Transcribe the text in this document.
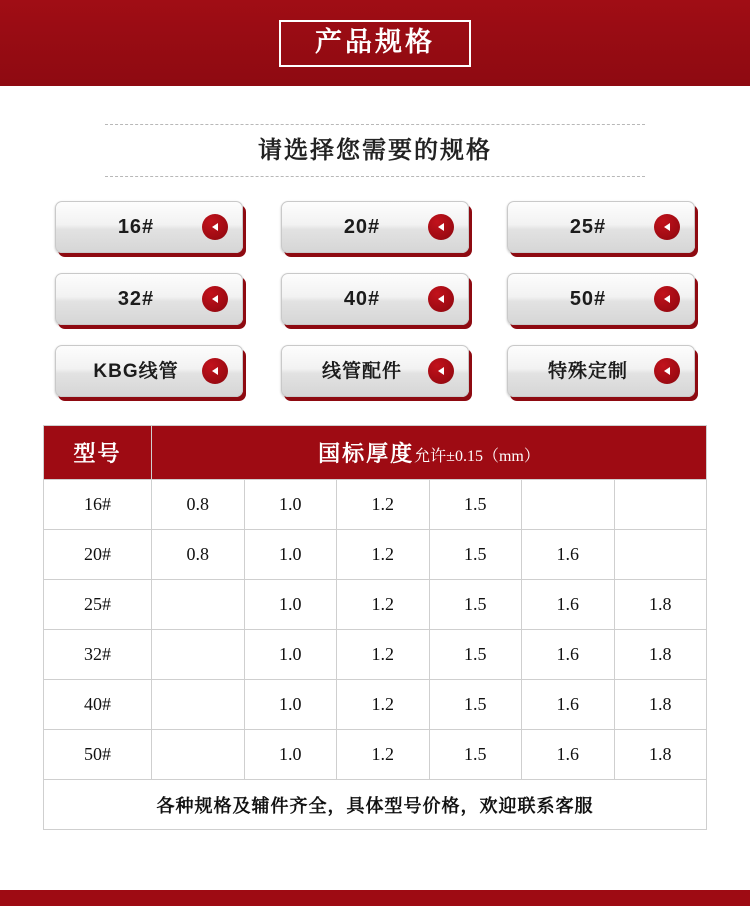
产品规格
请选择您需要的规格
16#	20#	25#
32#	40#	50#
KBG线管	线管配件	特殊定制
型号	国标厚度允许±0.15（mm）					
16#	0.8	1.0	1.2	1.5		
20#	0.8	1.0	1.2	1.5	1.6	
25#		1.0	1.2	1.5	1.6	1.8
32#		1.0	1.2	1.5	1.6	1.8
40#		1.0	1.2	1.5	1.6	1.8
50#		1.0	1.2	1.5	1.6	1.8
各种规格及辅件齐全，具体型号价格，欢迎联系客服						
